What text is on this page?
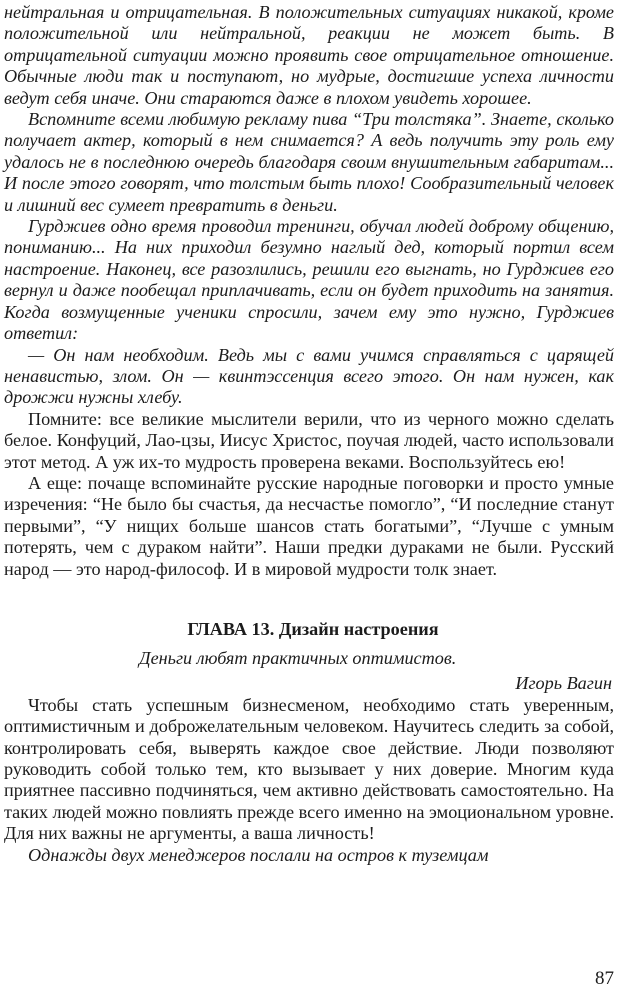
нейтральная и отрицательная. В положительных ситуациях никакой, кроме положительной или нейтральной, реакции не может быть. В отрицательной ситуации можно проявить свое отрицательное отношение. Обычные люди так и поступают, но мудрые, достигшие успеха личности ведут себя иначе. Они стараются даже в плохом увидеть хорошее.

Вспомните всеми любимую рекламу пива “Три толстяка”. Знаете, сколько получает актер, который в нем снимается? А ведь получить эту роль ему удалось не в последнюю очередь благодаря своим внушительным габаритам... И после этого говорят, что толстым быть плохо! Сообразительный человек и лишний вес сумеет превратить в деньги.

Гурджиев одно время проводил тренинги, обучал людей доброму общению, пониманию... На них приходил безумно наглый дед, который портил всем настроение. Наконец, все разозлились, решили его выгнать, но Гурджиев его вернул и даже пообещал приплачивать, если он будет приходить на занятия. Когда возмущенные ученики спросили, зачем ему это нужно, Гурджиев ответил:

— Он нам необходим. Ведь мы с вами учимся справляться с царящей ненавистью, злом. Он — квинтэссенция всего этого. Он нам нужен, как дрожжи нужны хлебу.

Помните: все великие мыслители верили, что из черного можно сделать белое. Конфуций, Лао-цзы, Иисус Христос, поучая людей, часто использовали этот метод. А уж их-то мудрость проверена веками. Воспользуйтесь ею!

А еще: почаще вспоминайте русские народные поговорки и просто умные изречения: “Не было бы счастья, да несчастье помогло”, “И последние станут первыми”, “У нищих больше шансов стать богатыми”, “Лучше с умным потерять, чем с дураком найти”. Наши предки дураками не были. Русский народ — это народ-философ. И в мировой мудрости толк знает.

ГЛАВА 13. Дизайн настроения

Деньги любят практичных оптимистов.

Игорь Вагин

Чтобы стать успешным бизнесменом, необходимо стать уверенным, оптимистичным и доброжелательным человеком. Научитесь следить за собой, контролировать себя, выверять каждое свое действие. Люди позволяют руководить собой только тем, кто вызывает у них доверие. Многим куда приятнее пассивно подчиняться, чем активно действовать самостоятельно. На таких людей можно повлиять прежде всего именно на эмоциональном уровне. Для них важны не аргументы, а ваша личность!

Однажды двух менеджеров послали на остров к туземцам

87
